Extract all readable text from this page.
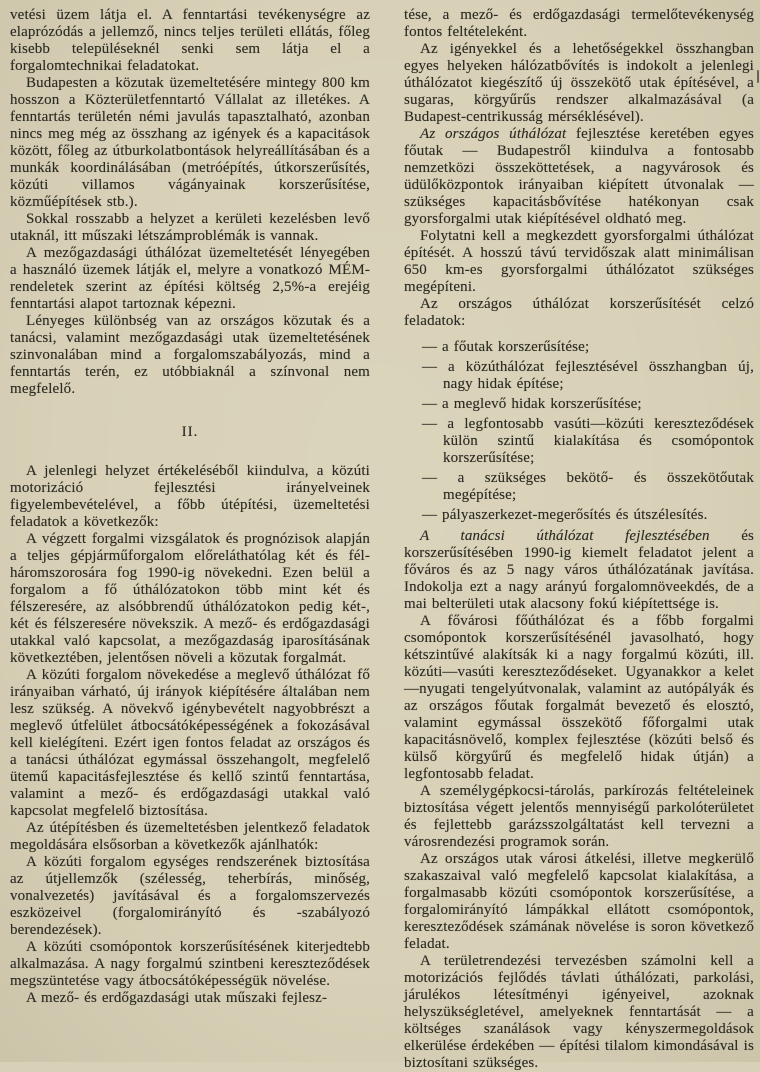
vetési üzem látja el. A fenntartási tevékenységre az elaprózódás a jellemző, nincs teljes területi ellátás, főleg kisebb településeknél senki sem látja el a forgalomtechnikai feladatokat.

Budapesten a közutak üzemeltetésére mintegy 800 km hosszon a Közterületfenntartó Vállalat az illetékes. A fenntartás területén némi javulás tapasztalható, azonban nincs meg még az összhang az igények és a kapacitások között, főleg az útburkolatbontások helyreállításában és a munkák koordinálásában (metróépítés, útkorszerűsítés, közúti villamos vágányainak korszerűsítése, közműépítések stb.).

Sokkal rosszabb a helyzet a kerületi kezelésben levő utaknál, itt műszaki létszámproblémák is vannak.

A mezőgazdasági úthálózat üzemeltetését lényegében a használó üzemek látják el, melyre a vonatkozó MÉM-rendeletek szerint az építési költség 2,5%-a erejéig fenntartási alapot tartoznak képezni.

Lényeges különbség van az országos közutak és a tanácsi, valamint mezőgazdasági utak üzemeltetésének szinvonalában mind a forgalomszabályozás, mind a fenntartás terén, ez utóbbiaknál a színvonal nem megfelelő.

II.

A jelenlegi helyzet értékeléséből kiindulva, a közúti motorizáció fejlesztési irányelveinek figyelembevételével, a főbb útépítési, üzemeltetési feladatok a következők:

A végzett forgalmi vizsgálatok és prognózisok alapján a teljes gépjárműforgalom előreláthatólag két és fél-háromszorosára fog 1990-ig növekedni. Ezen belül a forgalom a fő úthálózatokon több mint két és félszeresére, az alsóbbrendű úthálózatokon pedig két-, két és félszeresére növekszik. A mező- és erdőgazdasági utakkal való kapcsolat, a mezőgazdaság iparosításának következtében, jelentősen növeli a közutak forgalmát.

A közúti forgalom növekedése a meglevő úthálózat fő irányaiban várható, új irányok kiépítésére általában nem lesz szükség. A növekvő igénybevételt nagyobbrészt a meglevő útfelület átbocsátóképességének a fokozásával kell kielégíteni. Ezért igen fontos feladat az országos és a tanácsi úthálózat egymással összehangolt, megfelelő ütemű kapacitásfejlesztése és kellő szintű fenntartása, valamint a mező- és erdőgazdasági utakkal való kapcsolat megfelelő biztosítása.

Az útépítésben és üzemeltetésben jelentkező feladatok megoldására elsősorban a következők ajánlhatók:

A közúti forgalom egységes rendszerének biztosítása az útjellemzők (szélesség, teherbírás, minőség, vonalvezetés) javításával és a forgalomszervezés eszközeivel (forgalomirányító és -szabályozó berendezések).

A közúti csomópontok korszerűsítésének kiterjedtebb alkalmazása. A nagy forgalmú szintbeni kereszteződések megszüntetése vagy átbocsátóképességük növelése.

A mező- és erdőgazdasági utak műszaki fejlesz-

tése, a mező- és erdőgazdasági termelőtevékenység fontos feltételeként.

Az igényekkel és a lehetőségekkel összhangban egyes helyeken hálózatbővítés is indokolt a jelenlegi úthálózatot kiegészítő új összekötő utak építésével, a sugaras, körgyűrűs rendszer alkalmazásával (a Budapest-centrikusság mérséklésével).

Az országos úthálózat fejlesztése keretében egyes főutak — Budapestről kiindulva a fontosabb nemzetközi összeköttetések, a nagyvárosok és üdülőközpontok irányaiban kiépített útvonalak — szükséges kapacitásbővítése hatékonyan csak gyorsforgalmi utak kiépítésével oldható meg.

Folytatni kell a megkezdett gyorsforgalmi úthálózat építését. A hosszú távú tervidőszak alatt minimálisan 650 km-es gyorsforgalmi úthálózatot szükséges megépíteni.

Az országos úthálózat korszerűsítését celzó feladatok:

— a főutak korszerűsítése;
— a közúthálózat fejlesztésével összhangban új, nagy hidak építése;
— a meglevő hidak korszerűsítése;
— a legfontosabb vasúti—közúti kereszteződések külön szintű kialakítása és csomópontok korszerűsítése;
— a szükséges bekötő- és összekötőutak megépítése;
— pályaszerkezet-megerősítés és útszélesítés.

A tanácsi úthálózat fejlesztésében és korszerűsítésében 1990-ig kiemelt feladatot jelent a főváros és az 5 nagy város úthálózatának javítása. Indokolja ezt a nagy arányú forgalomnöveekdés, de a mai belterületi utak alacsony fokú kiépítettsége is.

A fővárosi főúthálózat és a főbb forgalmi csomópontok korszerűsítésénél javasolható, hogy kétszintűvé alakítsák ki a nagy forgalmú közúti, ill. közúti—vasúti kereszteződéseket. Ugyanakkor a kelet—nyugati tengelyútvonalak, valamint az autópályák és az országos főutak forgalmát bevezető és elosztó, valamint egymással összekötő főforgalmi utak kapacitásnövelő, komplex fejlesztése (közúti belső és külső körgyűrű és megfelelő hidak útján) a legfontosabb feladat.

A személygépkocsi-tárolás, parkírozás feltételeinek biztosítása végett jelentős mennyiségű parkolóterületet és fejlettebb garázsszolgáltatást kell tervezni a városrendezési programok során.

Az országos utak városi átkelési, illetve megkerülő szakaszaival való megfelelő kapcsolat kialakítása, a forgalmasabb közúti csomópontok korszerűsítése, a forgalomirányító lámpákkal ellátott csomópontok, kereszteződések számának növelése is soron következő feladat.

A területrendezési tervezésben számolni kell a motorizációs fejlődés távlati úthálózati, parkolási, járulékos létesítményi igényeivel, azoknak helyszükségletével, amelyeknek fenntartását — a költséges szanálások vagy kényszermegoldások elkerülése érdekében — építési tilalom kimondásával is biztosítani szükséges.
